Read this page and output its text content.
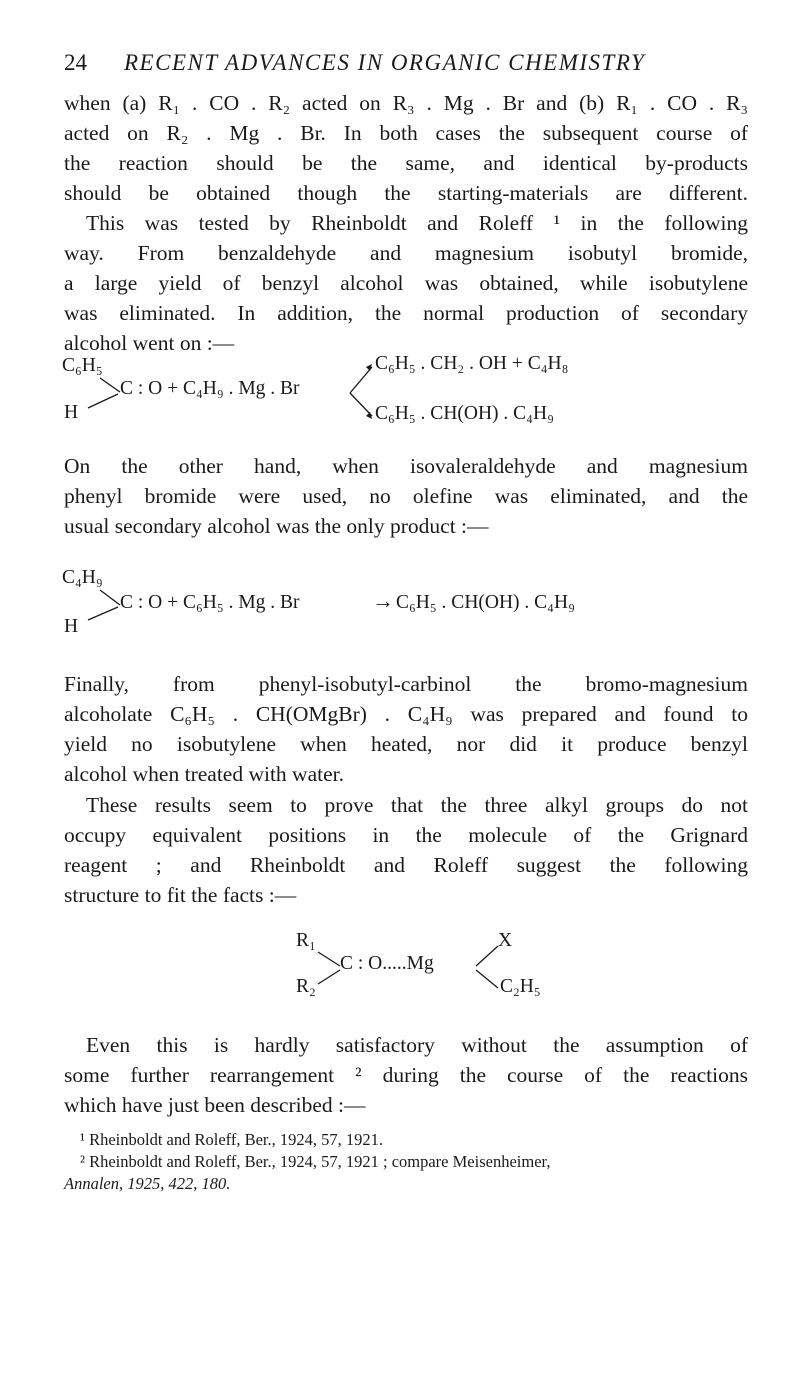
24 RECENT ADVANCES IN ORGANIC CHEMISTRY
when (a) R₁ . CO . R₂ acted on R₃ . Mg . Br and (b) R₁ . CO . R₃
acted on R₂ . Mg . Br. In both cases the subsequent course of
the reaction should be the same, and identical by-products
should be obtained though the starting-materials are different.
This was tested by Rheinboldt and Roleff ¹ in the following
way. From benzaldehyde and magnesium isobutyl bromide,
a large yield of benzyl alcohol was obtained, while isobutylene
was eliminated. In addition, the normal production of secondary
alcohol went on :—
C₆H₅
H
C : O + C₄H₉ . Mg . Br
C₆H₅ . CH₂ . OH + C₄H₈
C₆H₅ . CH(OH) . C₄H₉
On the other hand, when isovaleraldehyde and magnesium
phenyl bromide were used, no olefine was eliminated, and the
usual secondary alcohol was the only product :—
C₄H₉
H
C : O + C₆H₅ . Mg . Br	→ C₆H₅ . CH(OH) . C₄H₉
Finally, from phenyl-isobutyl-carbinol the bromo-magnesium
alcoholate C₆H₅ . CH(OMgBr) . C₄H₉ was prepared and found to
yield no isobutylene when heated, nor did it produce benzyl
alcohol when treated with water.
These results seem to prove that the three alkyl groups do not
occupy equivalent positions in the molecule of the Grignard
reagent ; and Rheinboldt and Roleff suggest the following
structure to fit the facts :—
R₁
R₂
C : O.....Mg
X
C₂H₅
Even this is hardly satisfactory without the assumption of
some further rearrangement ² during the course of the reactions
which have just been described :—
¹ Rheinboldt and Roleff, Ber., 1924, 57, 1921.
² Rheinboldt and Roleff, Ber., 1924, 57, 1921 ; compare Meisenheimer,
Annalen, 1925, 422, 180.
